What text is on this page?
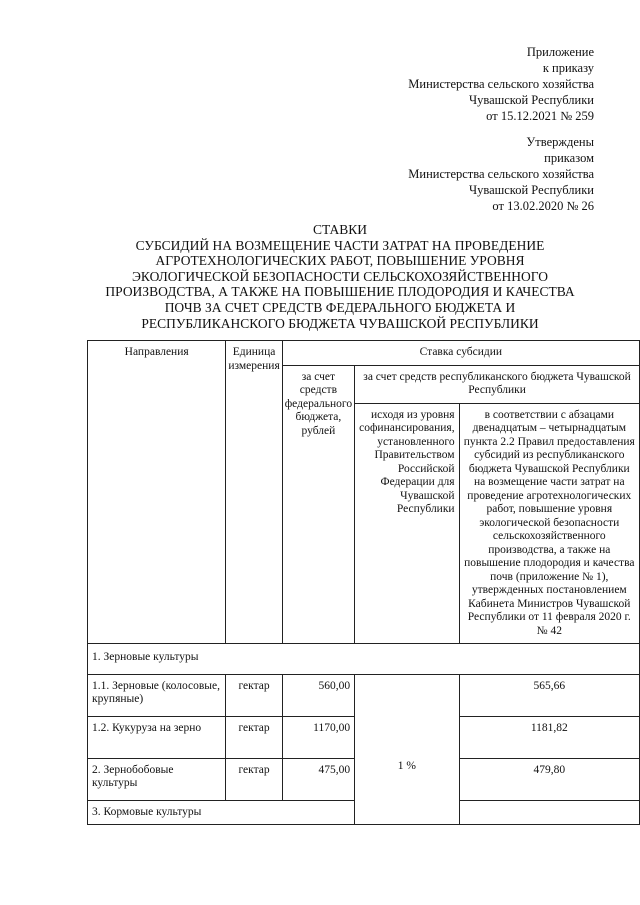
Приложение
к приказу
Министерства сельского хозяйства
Чувашской Республики
от 15.12.2021 № 259
Утверждены
приказом
Министерства сельского хозяйства
Чувашской Республики
от 13.02.2020 № 26
СТАВКИ
СУБСИДИЙ НА ВОЗМЕЩЕНИЕ ЧАСТИ ЗАТРАТ НА ПРОВЕДЕНИЕ
АГРОТЕХНОЛОГИЧЕСКИХ РАБОТ, ПОВЫШЕНИЕ УРОВНЯ
ЭКОЛОГИЧЕСКОЙ БЕЗОПАСНОСТИ СЕЛЬСКОХОЗЯЙСТВЕННОГО
ПРОИЗВОДСТВА, А ТАКЖЕ НА ПОВЫШЕНИЕ ПЛОДОРОДИЯ И КАЧЕСТВА
ПОЧВ ЗА СЧЕТ СРЕДСТВ ФЕДЕРАЛЬНОГО БЮДЖЕТА И
РЕСПУБЛИКАНСКОГО БЮДЖЕТА ЧУВАШСКОЙ РЕСПУБЛИКИ
Направления	Единица измерения	Ставка субсидии		
		за счет средств федерального бюджета, рублей	за счет средств республиканского бюджета Чувашской Республики	
			исходя из уровня софинансирования, установленного Правительством Российской Федерации для Чувашской Республики	в соответствии с абзацами двенадцатым – четырнадцатым пункта 2.2 Правил предоставления субсидий из республиканского бюджета Чувашской Республики на возмещение части затрат на проведение агротехнологических работ, повышение уровня экологической безопасности сельскохозяйственного производства, а также на повышение плодородия и качества почв (приложение № 1), утвержденных постановлением Кабинета Министров Чувашской Республики от 11 февраля 2020 г. № 42
1. Зерновые культуры				
1.1. Зерновые (колосовые, крупяные)	гектар	560,00	1 %	565,66
1.2. Кукуруза на зерно	гектар	1170,00		1181,82
2. Зернобобовые культуры	гектар	475,00		479,80
3. Кормовые культуры				
